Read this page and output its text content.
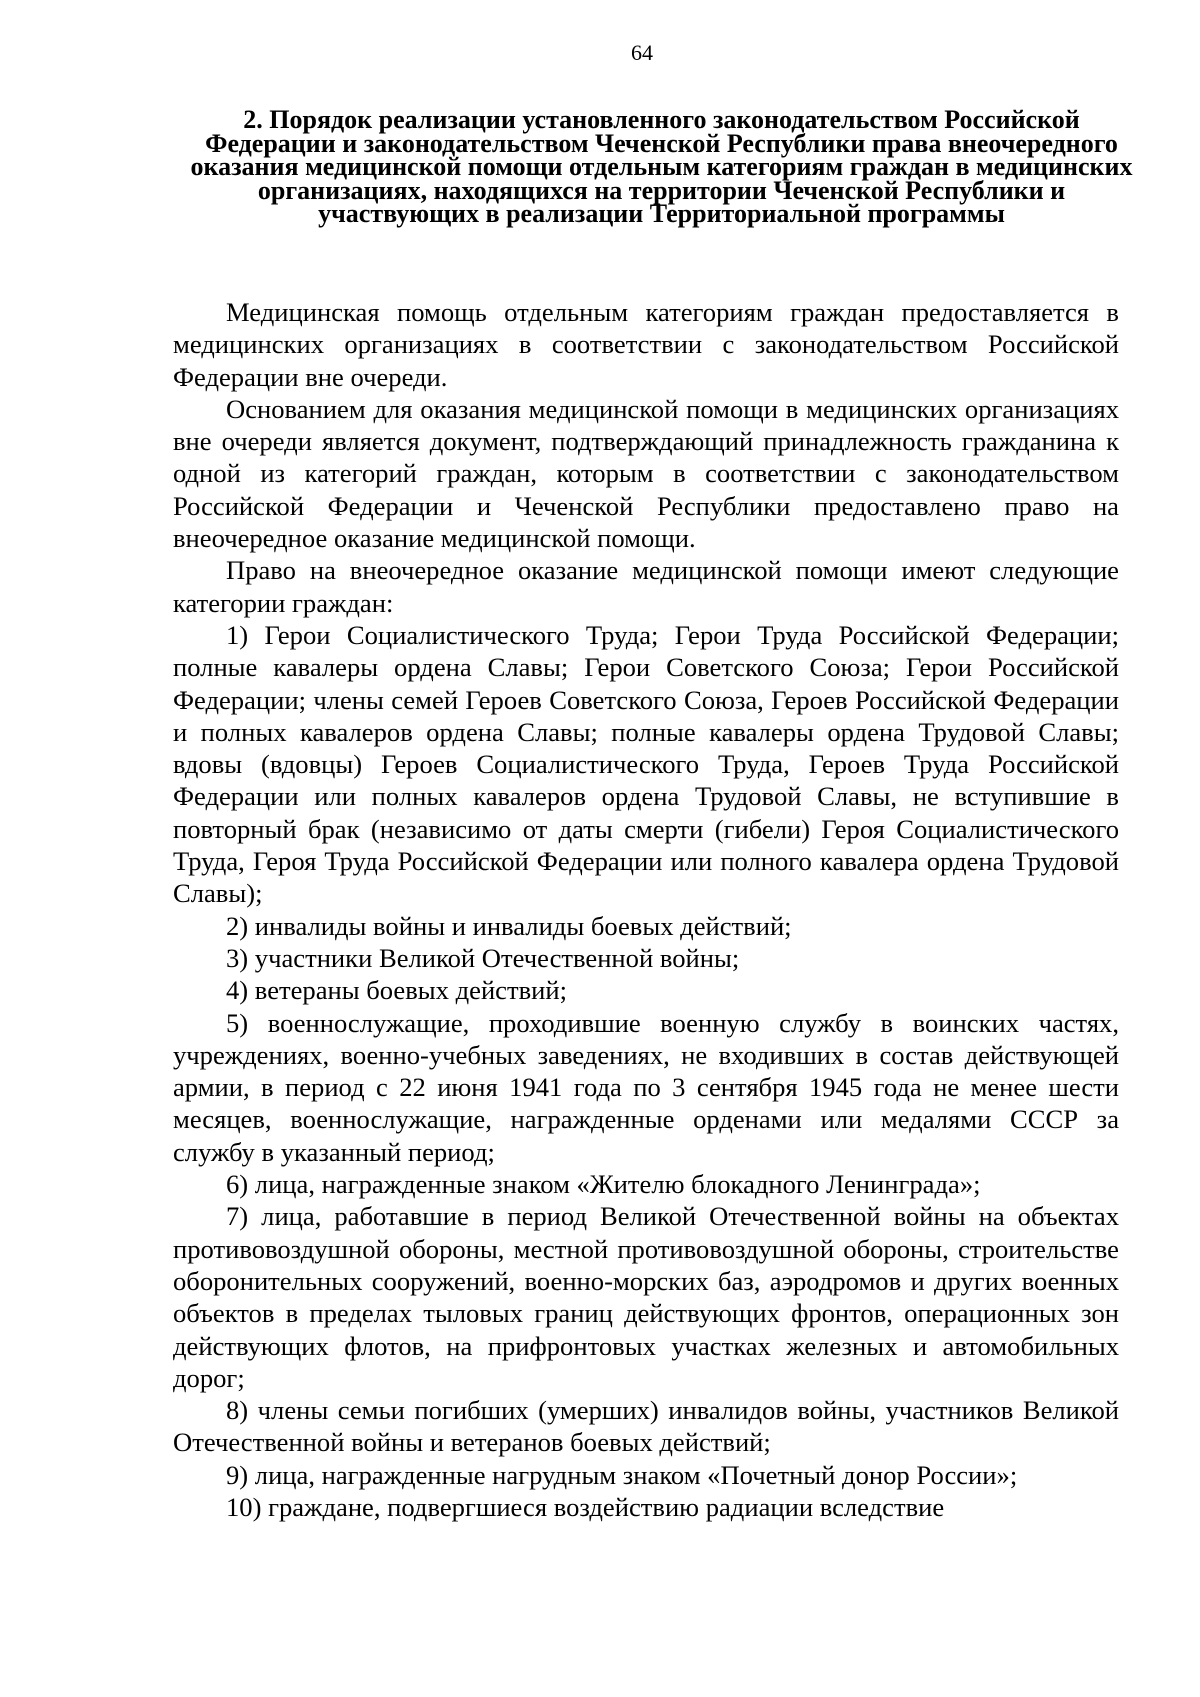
64
2. Порядок реализации установленного законодательством Российской Федерации и законодательством Чеченской Республики права внеочередного оказания медицинской помощи отдельным категориям граждан в медицинских организациях, находящихся на территории Чеченской Республики и участвующих в реализации Территориальной программы

Медицинская помощь отдельным категориям граждан предоставляется в медицинских организациях в соответствии с законодательством Российской Федерации вне очереди.

Основанием для оказания медицинской помощи в медицинских организациях вне очереди является документ, подтверждающий принадлежность гражданина к одной из категорий граждан, которым в соответствии с законодательством Российской Федерации и Чеченской Республики предоставлено право на внеочередное оказание медицинской помощи.

Право на внеочередное оказание медицинской помощи имеют следующие категории граждан:

1) Герои Социалистического Труда; Герои Труда Российской Федерации; полные кавалеры ордена Славы; Герои Советского Союза; Герои Российской Федерации; члены семей Героев Советского Союза, Героев Российской Федерации и полных кавалеров ордена Славы; полные кавалеры ордена Трудовой Славы; вдовы (вдовцы) Героев Социалистического Труда, Героев Труда Российской Федерации или полных кавалеров ордена Трудовой Славы, не вступившие в повторный брак (независимо от даты смерти (гибели) Героя Социалистического Труда, Героя Труда Российской Федерации или полного кавалера ордена Трудовой Славы);

2) инвалиды войны и инвалиды боевых действий;

3) участники Великой Отечественной войны;

4) ветераны боевых действий;

5) военнослужащие, проходившие военную службу в воинских частях, учреждениях, военно-учебных заведениях, не входивших в состав действующей армии, в период с 22 июня 1941 года по 3 сентября 1945 года не менее шести месяцев, военнослужащие, награжденные орденами или медалями СССР за службу в указанный период;

6) лица, награжденные знаком «Жителю блокадного Ленинграда»;

7) лица, работавшие в период Великой Отечественной войны на объектах противовоздушной обороны, местной противовоздушной обороны, строительстве оборонительных сооружений, военно-морских баз, аэродромов и других военных объектов в пределах тыловых границ действующих фронтов, операционных зон действующих флотов, на прифронтовых участках железных и автомобильных дорог;

8) члены семьи погибших (умерших) инвалидов войны, участников Великой Отечественной войны и ветеранов боевых действий;

9) лица, награжденные нагрудным знаком «Почетный донор России»;

10) граждане, подвергшиеся воздействию радиации вследствие
